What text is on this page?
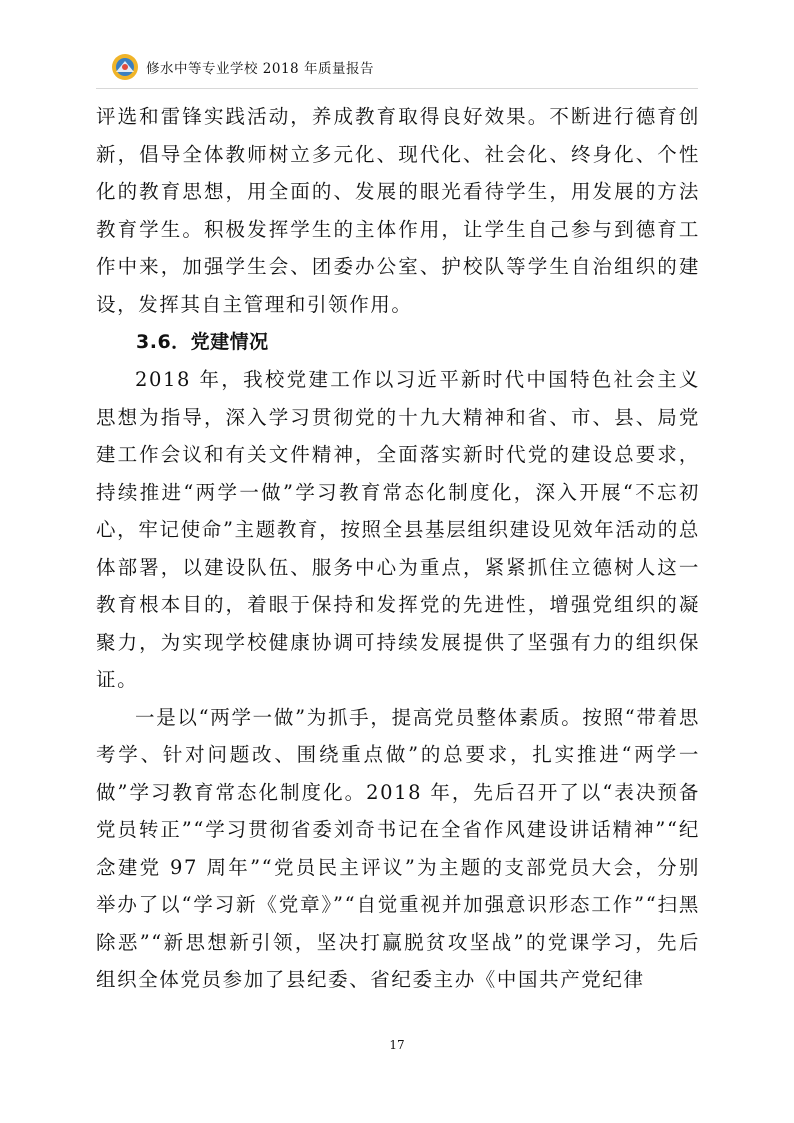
修水中等专业学校 2018 年质量报告

评选和雷锋实践活动，养成教育取得良好效果。不断进行德育创新，倡导全体教师树立多元化、现代化、社会化、终身化、个性化的教育思想，用全面的、发展的眼光看待学生，用发展的方法教育学生。积极发挥学生的主体作用，让学生自己参与到德育工作中来，加强学生会、团委办公室、护校队等学生自治组织的建设，发挥其自主管理和引领作用。

3.6．党建情况

2018 年，我校党建工作以习近平新时代中国特色社会主义思想为指导，深入学习贯彻党的十九大精神和省、市、县、局党建工作会议和有关文件精神，全面落实新时代党的建设总要求，持续推进“两学一做”学习教育常态化制度化，深入开展“不忘初心，牢记使命”主题教育，按照全县基层组织建设见效年活动的总体部署，以建设队伍、服务中心为重点，紧紧抓住立德树人这一教育根本目的，着眼于保持和发挥党的先进性，增强党组织的凝聚力，为实现学校健康协调可持续发展提供了坚强有力的组织保证。

一是以“两学一做”为抓手，提高党员整体素质。按照“带着思考学、针对问题改、围绕重点做”的总要求，扎实推进“两学一做”学习教育常态化制度化。2018 年，先后召开了以“表决预备党员转正”“学习贯彻省委刘奇书记在全省作风建设讲话精神”“纪念建党 97 周年”“党员民主评议”为主题的支部党员大会，分别举办了以“学习新《党章》”“自觉重视并加强意识形态工作”“扫黑除恶”“新思想新引领，坚决打赢脱贫攻坚战”的党课学习，先后组织全体党员参加了县纪委、省纪委主办《中国共产党纪律

17
